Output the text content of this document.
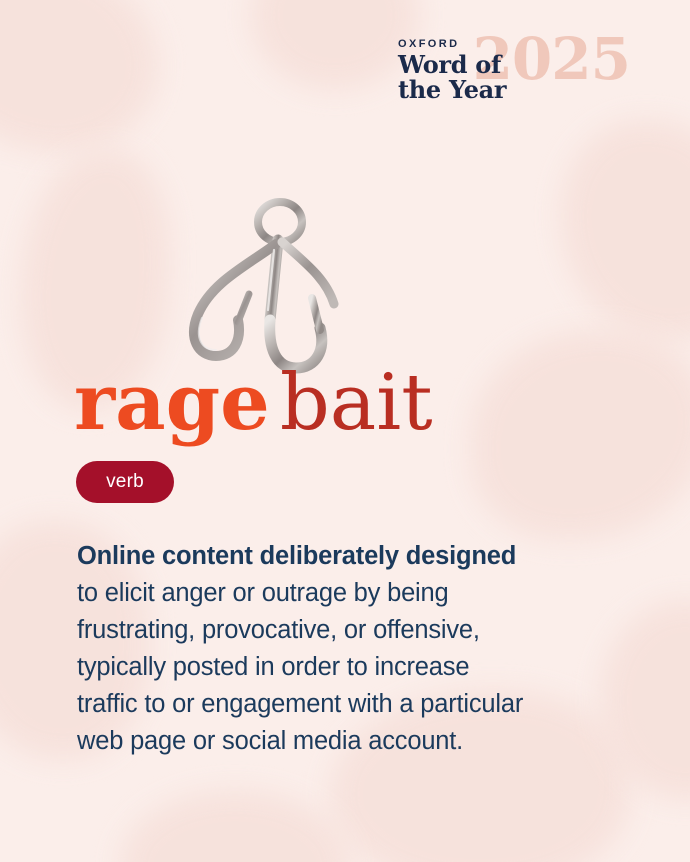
2025
OXFORD
Word of
the Year
rage bait
verb
Online content deliberately designed
to elicit anger or outrage by being
frustrating, provocative, or offensive,
typically posted in order to increase
traffic to or engagement with a particular
web page or social media account.
